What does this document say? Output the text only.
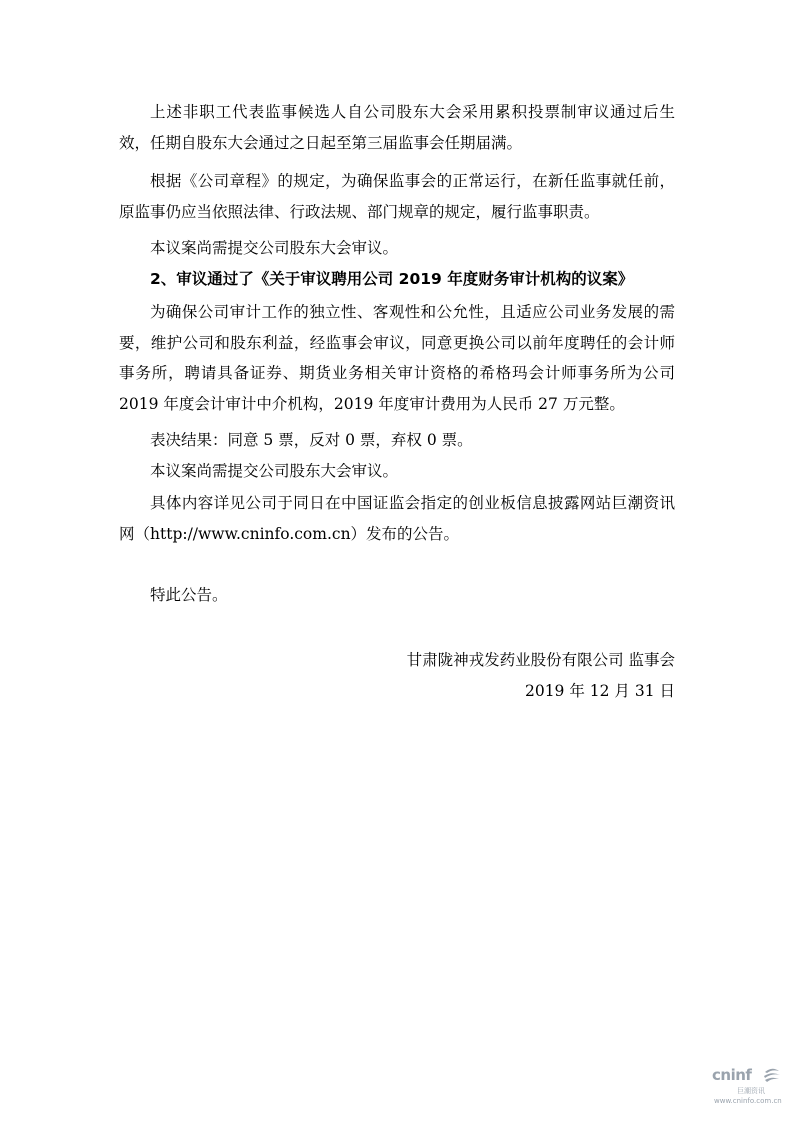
上述非职工代表监事候选人自公司股东大会采用累积投票制审议通过后生效，任期自股东大会通过之日起至第三届监事会任期届满。

根据《公司章程》的规定，为确保监事会的正常运行，在新任监事就任前，原监事仍应当依照法律、行政法规、部门规章的规定，履行监事职责。

本议案尚需提交公司股东大会审议。

2、审议通过了《关于审议聘用公司 2019 年度财务审计机构的议案》

为确保公司审计工作的独立性、客观性和公允性，且适应公司业务发展的需要，维护公司和股东利益，经监事会审议，同意更换公司以前年度聘任的会计师事务所，聘请具备证券、期货业务相关审计资格的希格玛会计师事务所为公司 2019 年度会计审计中介机构，2019 年度审计费用为人民币 27 万元整。

表决结果：同意 5 票，反对 0 票，弃权 0 票。

本议案尚需提交公司股东大会审议。

具体内容详见公司于同日在中国证监会指定的创业板信息披露网站巨潮资讯网（http://www.cninfo.com.cn）发布的公告。

特此公告。

甘肃陇神戎发药业股份有限公司 监事会

2019 年 12 月 31 日

cninf
巨潮资讯
www.cninfo.com.cn
